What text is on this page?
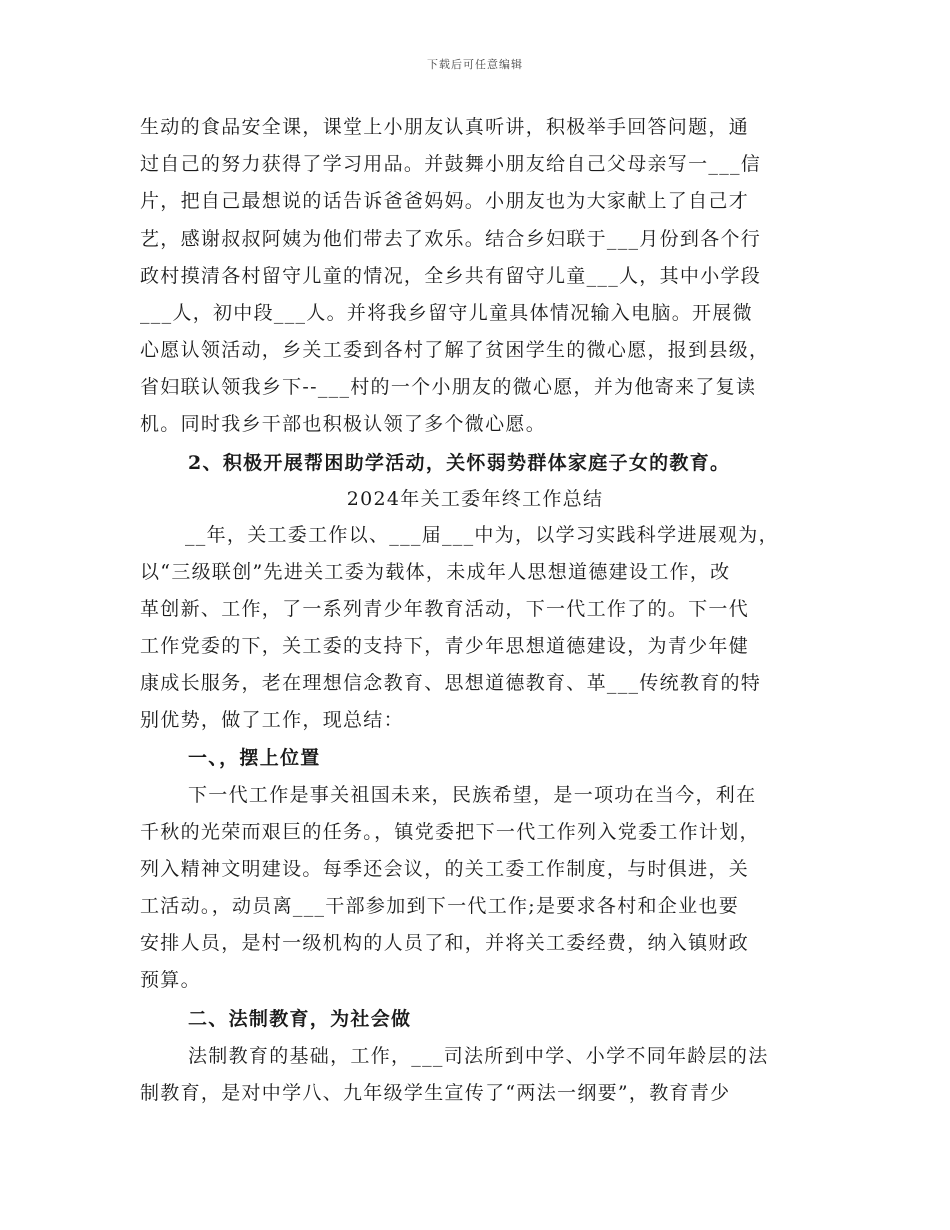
下载后可任意编辑
生动的食品安全课，课堂上小朋友认真听讲，积极举手回答问题，通
过自己的努力获得了学习用品。并鼓舞小朋友给自己父母亲写一___信
片，把自己最想说的话告诉爸爸妈妈。小朋友也为大家献上了自己才
艺，感谢叔叔阿姨为他们带去了欢乐。结合乡妇联于___月份到各个行
政村摸清各村留守儿童的情况，全乡共有留守儿童___人，其中小学段
___人，初中段___人。并将我乡留守儿童具体情况输入电脑。开展微
心愿认领活动，乡关工委到各村了解了贫困学生的微心愿，报到县级，
省妇联认领我乡下--___村的一个小朋友的微心愿，并为他寄来了复读
机。同时我乡干部也积极认领了多个微心愿。
2、积极开展帮困助学活动，关怀弱势群体家庭子女的教育。
2024年关工委年终工作总结
__年，关工委工作以、___届___中为，以学习实践科学进展观为，
以“三级联创”先进关工委为载体，未成年人思想道德建设工作，改
革创新、工作，了一系列青少年教育活动，下一代工作了的。下一代
工作党委的下，关工委的支持下，青少年思想道德建设，为青少年健
康成长服务，老在理想信念教育、思想道德教育、革___传统教育的特
别优势，做了工作，现总结：
一、，摆上位置
下一代工作是事关祖国未来，民族希望，是一项功在当今，利在
千秋的光荣而艰巨的任务。，镇党委把下一代工作列入党委工作计划，
列入精神文明建设。每季还会议，的关工委工作制度，与时俱进，关
工活动。，动员离___干部参加到下一代工作;是要求各村和企业也要
安排人员，是村一级机构的人员了和，并将关工委经费，纳入镇财政
预算。
二、法制教育，为社会做
法制教育的基础，工作，___司法所到中学、小学不同年龄层的法
制教育，是对中学八、九年级学生宣传了“两法一纲要”，教育青少
